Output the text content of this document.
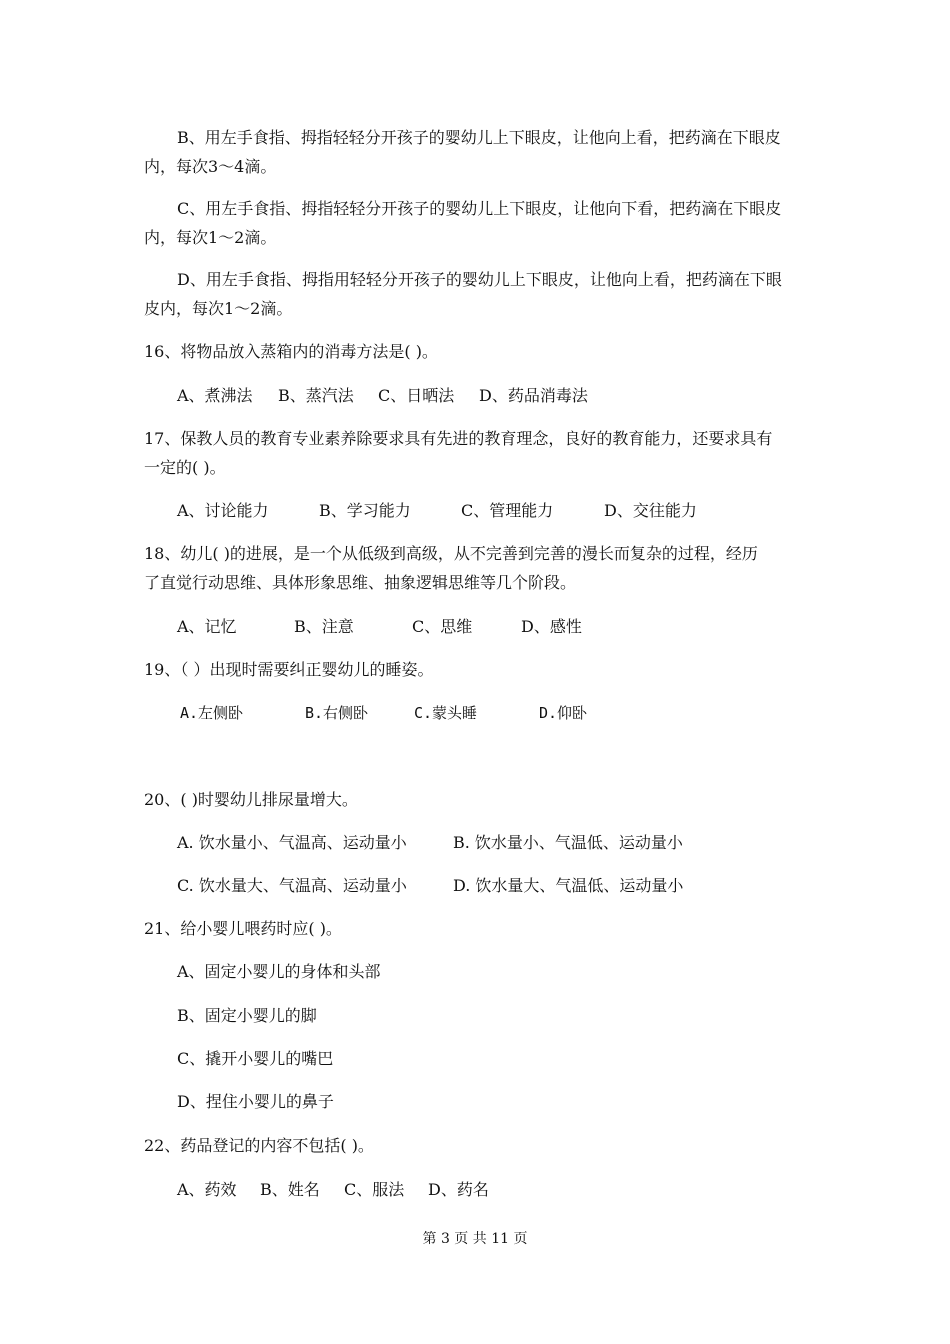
B、用左手食指、拇指轻轻分开孩子的婴幼儿上下眼皮，让他向上看，把药滴在下眼皮
内，每次3～4滴。
C、用左手食指、拇指轻轻分开孩子的婴幼儿上下眼皮，让他向下看，把药滴在下眼皮
内，每次1～2滴。
D、用左手食指、拇指用轻轻分开孩子的婴幼儿上下眼皮，让他向上看，把药滴在下眼
皮内，每次1～2滴。
16、将物品放入蒸箱内的消毒方法是( )。
A、煮沸法 B、蒸汽法 C、日晒法 D、药品消毒法
17、保教人员的教育专业素养除要求具有先进的教育理念，良好的教育能力，还要求具有
一定的( )。
A、讨论能力	B、学习能力	C、管理能力	D、交往能力
18、幼儿( )的进展，是一个从低级到高级，从不完善到完善的漫长而复杂的过程，经历
了直觉行动思维、具体形象思维、抽象逻辑思维等几个阶段。
A、记忆	B、注意	C、思维	D、感性
19、（ ）出现时需要纠正婴幼儿的睡姿。
A.左侧卧	B.右侧卧	C.蒙头睡	D.仰卧
20、( )时婴幼儿排尿量增大。
A. 饮水量小、气温高、运动量小	B. 饮水量小、气温低、运动量小
C. 饮水量大、气温高、运动量小	D. 饮水量大、气温低、运动量小
21、给小婴儿喂药时应( )。
A、固定小婴儿的身体和头部
B、固定小婴儿的脚
C、撬开小婴儿的嘴巴
D、捏住小婴儿的鼻子
22、药品登记的内容不包括( )。
A、药效 B、姓名 C、服法 D、药名
第 3 页 共 11 页
